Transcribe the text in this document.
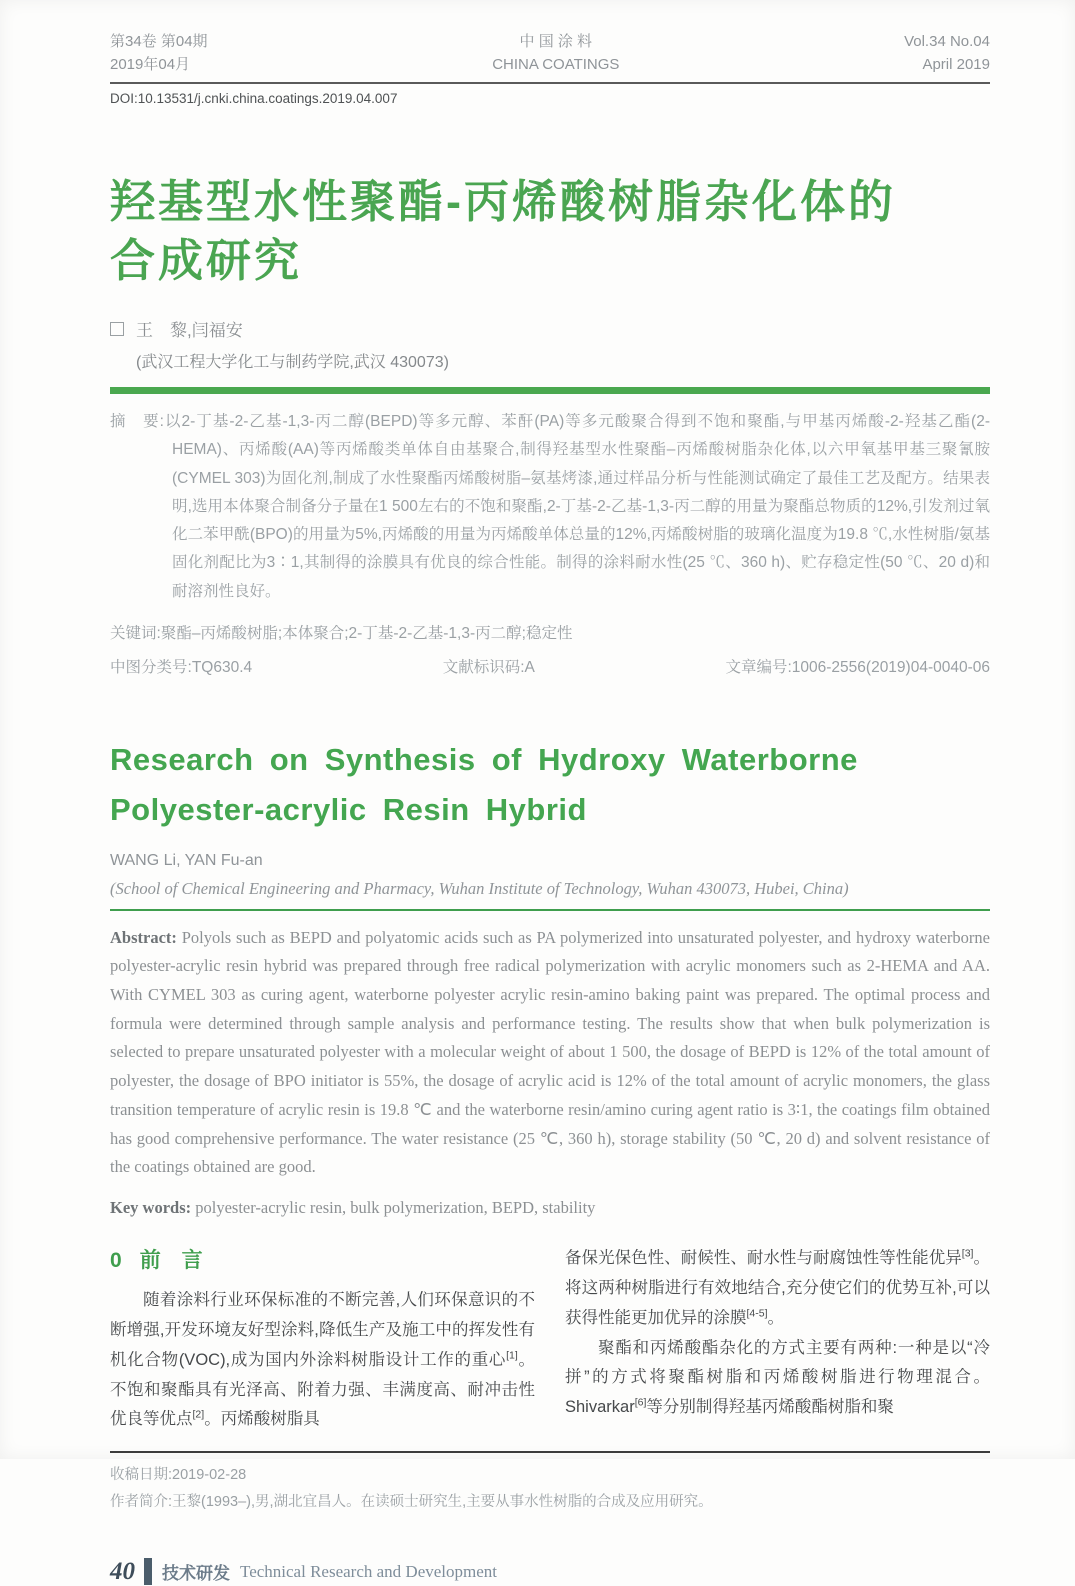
第34卷 第04期
2019年04月
中 国 涂 料
CHINA COATINGS
Vol.34 No.04
April 2019
DOI:10.13531/j.cnki.china.coatings.2019.04.007
羟基型水性聚酯-丙烯酸树脂杂化体的
合成研究
王　黎,闫福安
(武汉工程大学化工与制药学院,武汉 430073)

摘　要:以2-丁基-2-乙基-1,3-丙二醇(BEPD)等多元醇、苯酐(PA)等多元酸聚合得到不饱和聚酯,与甲基丙烯酸-2-羟基乙酯(2-HEMA)、丙烯酸(AA)等丙烯酸类单体自由基聚合,制得羟基型水性聚酯–丙烯酸树脂杂化体,以六甲氧基甲基三聚氰胺(CYMEL 303)为固化剂,制成了水性聚酯丙烯酸树脂–氨基烤漆,通过样品分析与性能测试确定了最佳工艺及配方。结果表明,选用本体聚合制备分子量在1 500左右的不饱和聚酯,2-丁基-2-乙基-1,3-丙二醇的用量为聚酯总物质的12%,引发剂过氧化二苯甲酰(BPO)的用量为5%,丙烯酸的用量为丙烯酸单体总量的12%,丙烯酸树脂的玻璃化温度为19.8 ℃,水性树脂/氨基固化剂配比为3∶1,其制得的涂膜具有优良的综合性能。制得的涂料耐水性(25 ℃、360 h)、贮存稳定性(50 ℃、20 d)和耐溶剂性良好。

关键词:聚酯–丙烯酸树脂;本体聚合;2-丁基-2-乙基-1,3-丙二醇;稳定性
中图分类号:TQ630.4	文献标识码:A	文章编号:1006-2556(2019)04-0040-06
Research on Synthesis of Hydroxy Waterborne
Polyester-acrylic Resin Hybrid
WANG Li, YAN Fu-an
(School of Chemical Engineering and Pharmacy, Wuhan Institute of Technology, Wuhan 430073, Hubei, China)

Abstract: Polyols such as BEPD and polyatomic acids such as PA polymerized into unsaturated polyester, and hydroxy waterborne polyester-acrylic resin hybrid was prepared through free radical polymerization with acrylic monomers such as 2-HEMA and AA. With CYMEL 303 as curing agent, waterborne polyester acrylic resin-amino baking paint was prepared. The optimal process and formula were determined through sample analysis and performance testing. The results show that when bulk polymerization is selected to prepare unsaturated polyester with a molecular weight of about 1 500, the dosage of BEPD is 12% of the total amount of polyester, the dosage of BPO initiator is 55%, the dosage of acrylic acid is 12% of the total amount of acrylic monomers, the glass transition temperature of acrylic resin is 19.8 ℃ and the waterborne resin/amino curing agent ratio is 3∶1, the coatings film obtained has good comprehensive performance. The water resistance (25 ℃, 360 h), storage stability (50 ℃, 20 d) and solvent resistance of the coatings obtained are good.

Key words: polyester-acrylic resin, bulk polymerization, BEPD, stability
0 前　言

随着涂料行业环保标准的不断完善,人们环保意识的不断增强,开发环境友好型涂料,降低生产及施工中的挥发性有机化合物(VOC),成为国内外涂料树脂设计工作的重心[1]。不饱和聚酯具有光泽高、附着力强、丰满度高、耐冲击性优良等优点[2]。丙烯酸树脂具

备保光保色性、耐候性、耐水性与耐腐蚀性等性能优异[3]。将这两种树脂进行有效地结合,充分使它们的优势互补,可以获得性能更加优异的涂膜[4-5]。

聚酯和丙烯酸酯杂化的方式主要有两种:一种是以“冷拼”的方式将聚酯树脂和丙烯酸树脂进行物理混合。Shivarkar[6]等分别制得羟基丙烯酸酯树脂和聚

收稿日期:2019-02-28
作者简介:王黎(1993–),男,湖北宜昌人。在读硕士研究生,主要从事水性树脂的合成及应用研究。
40 技术研发 Technical Research and Development
